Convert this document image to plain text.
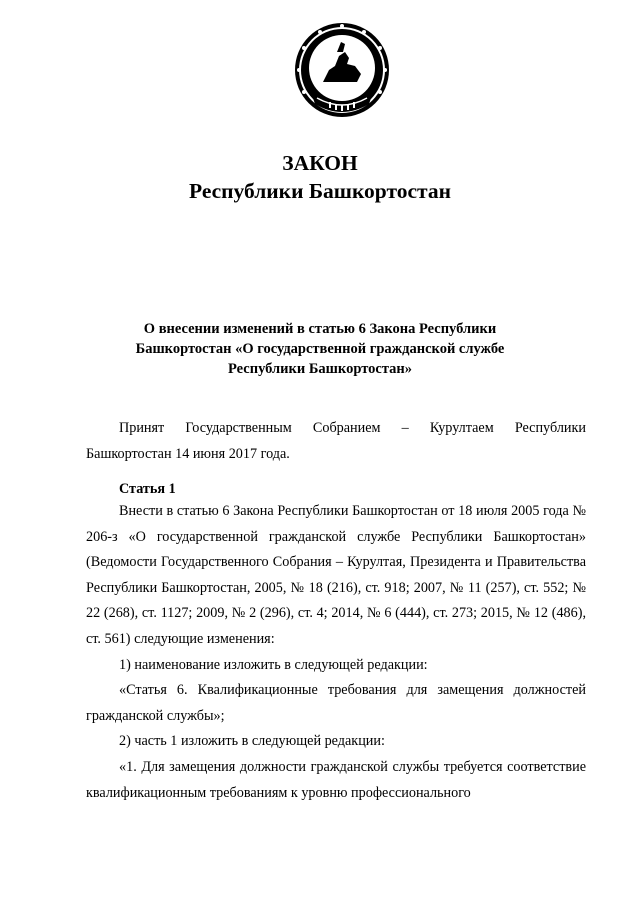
ЗАКОН
Республики Башкортостан
О внесении изменений в статью 6 Закона Республики
Башкортостан «О государственной гражданской службе
Республики Башкортостан»

Принят Государственным Собранием – Курултаем Республики Башкортостан 14 июня 2017 года.

Статья 1

Внести в статью 6 Закона Республики Башкортостан от 18 июля 2005 года № 206-з «О государственной гражданской службе Республики Башкортостан» (Ведомости Государственного Собрания – Курултая, Президента и Правительства Республики Башкортостан, 2005, № 18 (216), ст. 918; 2007, № 11 (257), ст. 552; № 22 (268), ст. 1127; 2009, № 2 (296), ст. 4; 2014, № 6 (444), ст. 273; 2015, № 12 (486), ст. 561) следующие изменения:

1) наименование изложить в следующей редакции:

«Статья 6. Квалификационные требования для замещения должностей гражданской службы»;

2) часть 1 изложить в следующей редакции:

«1. Для замещения должности гражданской службы требуется соответствие квалификационным требованиям к уровню профессионального
